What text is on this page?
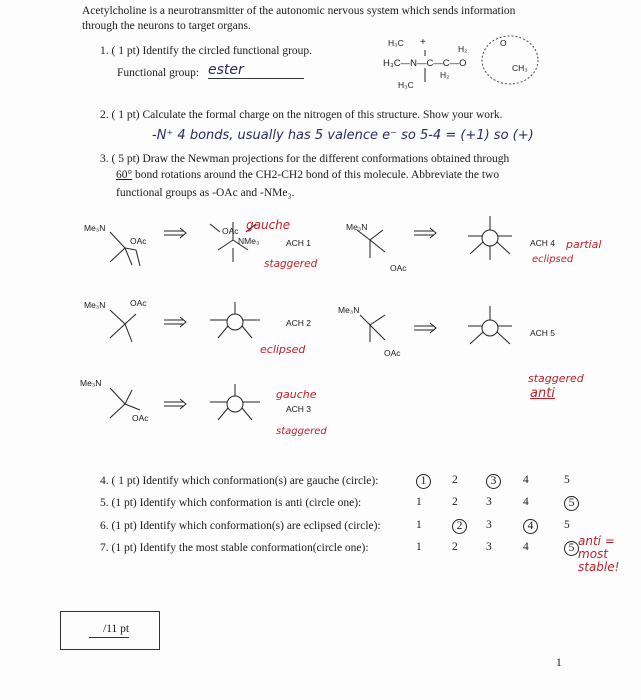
Acetylcholine is a neurotransmitter of the autonomic nervous system which sends information through the neurons to target organs.
1. ( 1 pt) Identify the circled functional group.
Functional group: ester
H₃C +
H₂
O
H₃C—N—C—C—O	CH₃
H₂
H₃C
2. ( 1 pt) Calculate the formal charge on the nitrogen of this structure. Show your work.
-N⁺ 4 bonds, usually has 5 valence e⁻ so 5-4 = (+1) so (+)
3. ( 5 pt) Draw the Newman projections for the different conformations obtained through
60° bond rotations around the CH2-CH2 bond of this molecule. Abbreviate the two
functional groups as -OAc and -NMe₃.
Me₃N
OAc
OAc
NMe₃	ACH 1
gauche
staggered
Me₃N
OAc
ACH 4 partial
eclipsed
Me₃N	OAc
ACH 2
eclipsed
Me₃N
OAc
ACH 5
staggered
anti
Me₃N
OAc
ACH 3
gauche
staggered
4. ( 1 pt) Identify which conformation(s) are gauche (circle):	1	2	3	4	5
5. (1 pt) Identify which conformation is anti (circle one):	1	2 3	4	5
6. (1 pt) Identify which conformation(s) are eclipsed (circle):	1	2	3	4	5
7. (1 pt) Identify the most stable conformation(circle one):	1	2 3	4	5 anti = most stable!
/11 pt
1
